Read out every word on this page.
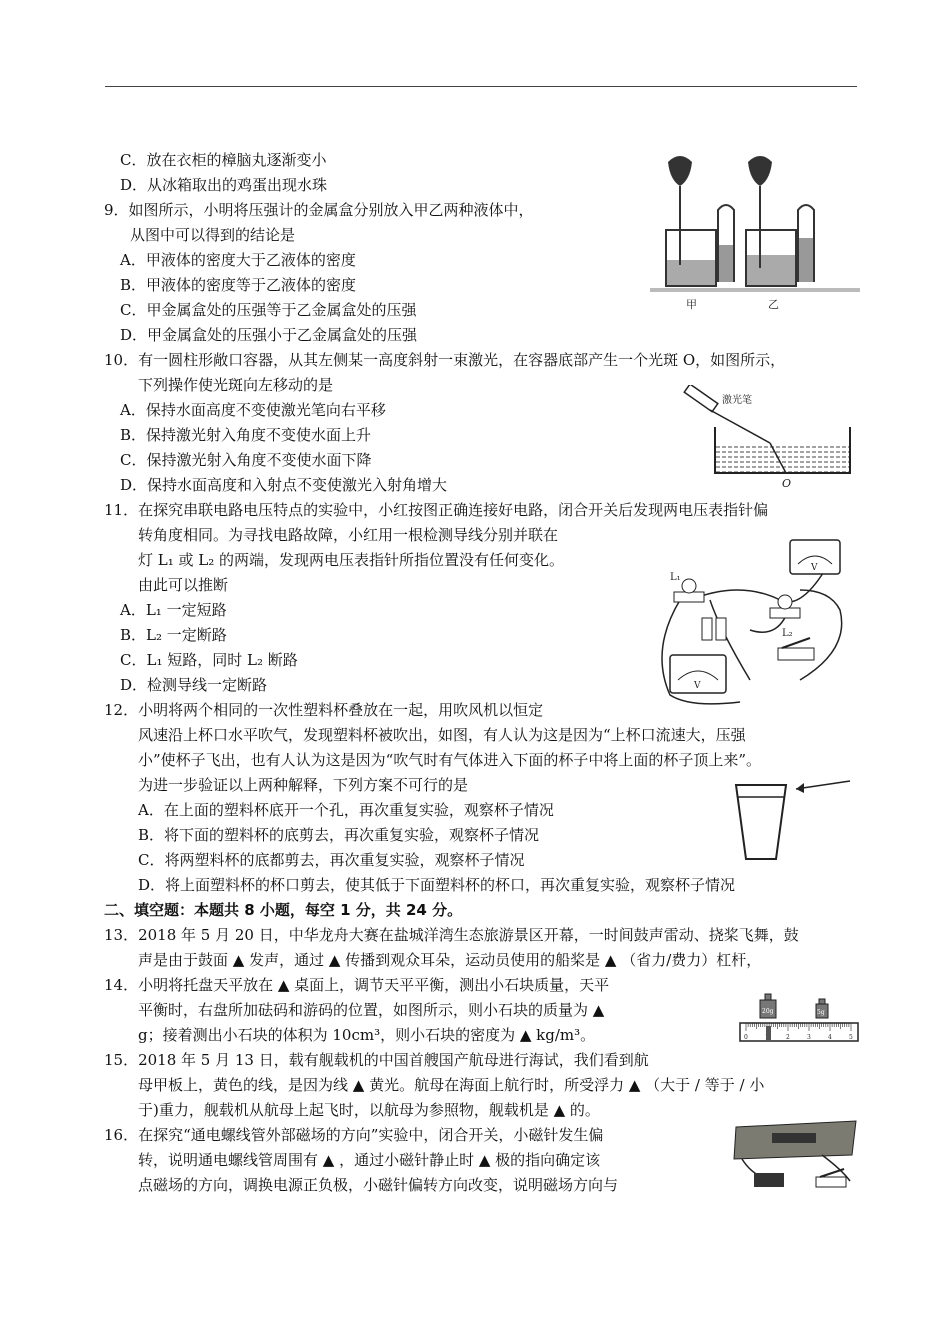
C．放在衣柜的樟脑丸逐渐变小
D．从冰箱取出的鸡蛋出现水珠
9．如图所示，小明将压强计的金属盒分别放入甲乙两种液体中，
从图中可以得到的结论是
A．甲液体的密度大于乙液体的密度
B．甲液体的密度等于乙液体的密度
C．甲金属盒处的压强等于乙金属盒处的压强
D．甲金属盒处的压强小于乙金属盒处的压强
10．有一圆柱形敞口容器，从其左侧某一高度斜射一束激光，在容器底部产生一个光斑 O，如图所示，
下列操作使光斑向左移动的是
A．保持水面高度不变使激光笔向右平移
B．保持激光射入角度不变使水面上升
C．保持激光射入角度不变使水面下降
D．保持水面高度和入射点不变使激光入射角增大
11．在探究串联电路电压特点的实验中，小红按图正确连接好电路，闭合开关后发现两电压表指针偏
转角度相同。为寻找电路故障，小红用一根检测导线分别并联在
灯 L₁ 或 L₂ 的两端，发现两电压表指针所指位置没有任何变化。
由此可以推断
A．L₁ 一定短路
B．L₂ 一定断路
C．L₁ 短路，同时 L₂ 断路
D．检测导线一定断路
12．小明将两个相同的一次性塑料杯叠放在一起，用吹风机以恒定
风速沿上杯口水平吹气，发现塑料杯被吹出，如图，有人认为这是因为“上杯口流速大，压强
小”使杯子飞出，也有人认为这是因为“吹气时有气体进入下面的杯子中将上面的杯子顶上来”。
为进一步验证以上两种解释，下列方案不可行的是
A．在上面的塑料杯底开一个孔，再次重复实验，观察杯子情况
B．将下面的塑料杯的底剪去，再次重复实验，观察杯子情况
C．将两塑料杯的底都剪去，再次重复实验，观察杯子情况
D．将上面塑料杯的杯口剪去，使其低于下面塑料杯的杯口，再次重复实验，观察杯子情况
二、填空题：本题共 8 小题，每空 1 分，共 24 分。
13．2018 年 5 月 20 日，中华龙舟大赛在盐城洋湾生态旅游景区开幕，一时间鼓声雷动、挠桨飞舞，鼓
声是由于鼓面 ▲ 发声，通过 ▲ 传播到观众耳朵，运动员使用的船桨是 ▲ （省力/费力）杠杆，
14．小明将托盘天平放在 ▲ 桌面上，调节天平平衡，测出小石块质量，天平
平衡时，右盘所加砝码和游码的位置，如图所示，则小石块的质量为 ▲
g；接着测出小石块的体积为 10cm³，则小石块的密度为 ▲ kg/m³。
15．2018 年 5 月 13 日，载有舰载机的中国首艘国产航母进行海试，我们看到航
母甲板上，黄色的线，是因为线 ▲ 黄光。航母在海面上航行时，所受浮力 ▲ （大于 / 等于 / 小
于)重力，舰载机从航母上起飞时，以航母为参照物，舰载机是 ▲ 的。
16．在探究“通电螺线管外部磁场的方向”实验中，闭合开关，小磁针发生偏
转，说明通电螺线管周围有 ▲ ，通过小磁针静止时 ▲ 极的指向确定该
点磁场的方向，调换电源正负极，小磁针偏转方向改变，说明磁场方向与
甲	乙
激光笔
O
V
V
L₁
L₂
20g	5g
0	2	3	4	5
